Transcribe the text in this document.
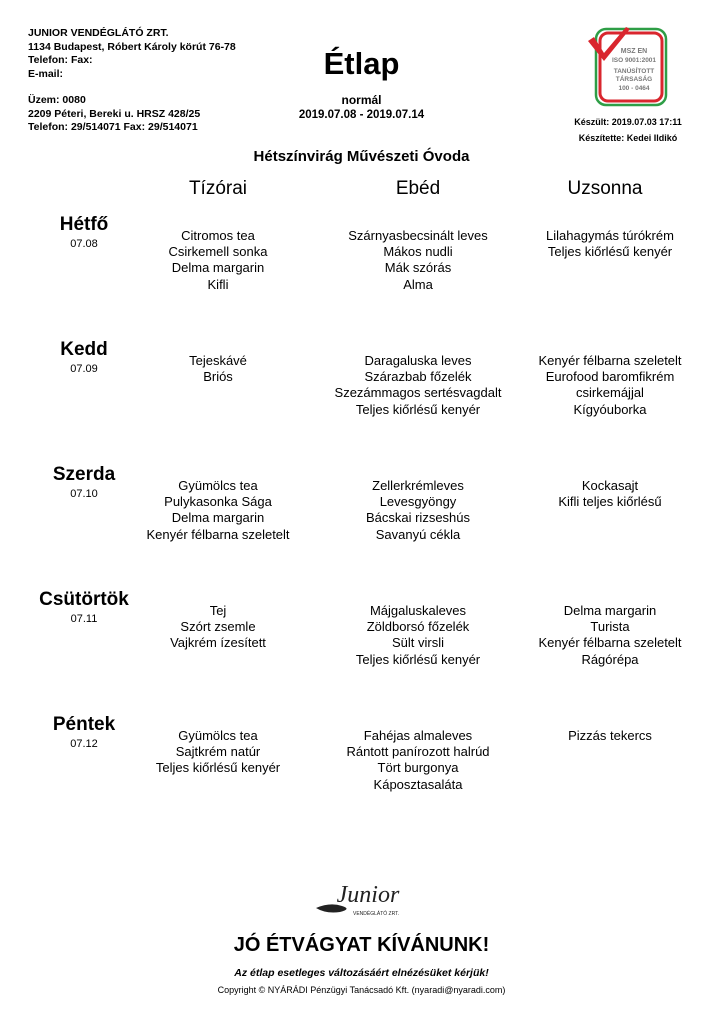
JUNIOR VENDÉGLÁTÓ ZRT.
1134 Budapest, Róbert Károly körút 76-78
Telefon: Fax:
E-mail:
Üzem: 0080
2209 Péteri, Bereki u. HRSZ 428/25
Telefon: 29/514071 Fax: 29/514071
Étlap
normál
2019.07.08 - 2019.07.14
MSZ EN
ISO 9001:2001
TANÚSÍTOTT
TÁRSASÁG
100 - 0464
Készült: 2019.07.03 17:11
Készítette: Kedei Ildikó
Hétszínvirág Művészeti Óvoda
Tízórai	Ebéd	Uzsonna
Hétfő
07.08
Citromos tea
Csirkemell sonka
Delma margarin
Kifli
Szárnyasbecsinált leves
Mákos nudli
Mák szórás
Alma
Lilahagymás túrókrém
Teljes kiőrlésű kenyér
Kedd
07.09
Tejeskávé
Briós
Daragaluska leves
Szárazbab főzelék
Szezámmagos sertésvagdalt
Teljes kiőrlésű kenyér
Kenyér félbarna szeletelt
Eurofood baromfikrém
csirkemájjal
Kígyóuborka
Szerda
07.10
Gyümölcs tea
Pulykasonka Sága
Delma margarin
Kenyér félbarna szeletelt
Zellerkrémleves
Levesgyöngy
Bácskai rizseshús
Savanyú cékla
Kockasajt
Kifli teljes kiőrlésű
Csütörtök
07.11
Tej
Szórt zsemle
Vajkrém ízesített
Májgaluskaleves
Zöldborsó főzelék
Sült virsli
Teljes kiőrlésű kenyér
Delma margarin
Turista
Kenyér félbarna szeletelt
Rágórépa
Péntek
07.12
Gyümölcs tea
Sajtkrém natúr
Teljes kiőrlésű kenyér
Fahéjas almaleves
Rántott panírozott halrúd
Tört burgonya
Káposztasaláta
Pizzás tekercs
Junior
VENDÉGLÁTÓ ZRT.
JÓ ÉTVÁGYAT KÍVÁNUNK!
Az étlap esetleges változásáért elnézésüket kérjük!
Copyright © NYÁRÁDI Pénzügyi Tanácsadó Kft. (nyaradi@nyaradi.com)
